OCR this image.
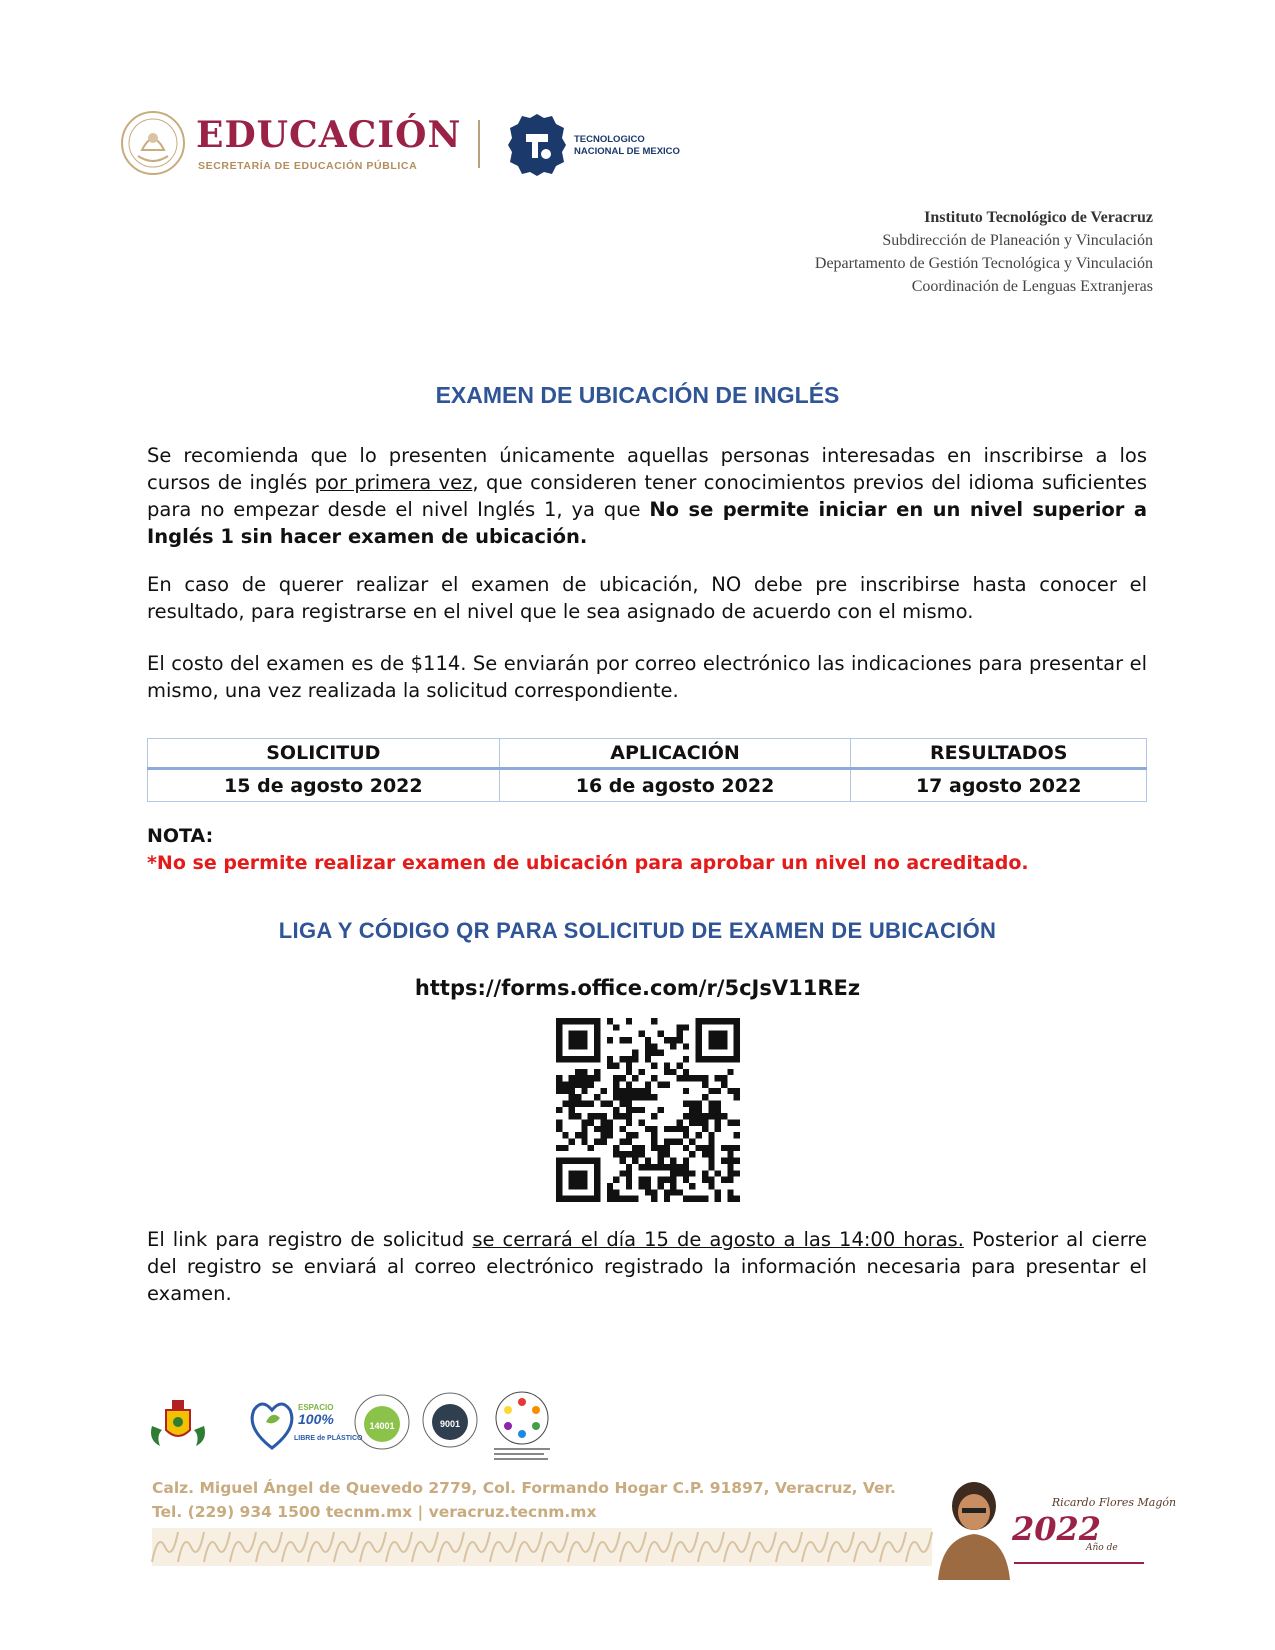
EDUCACIÓN
SECRETARÍA DE EDUCACIÓN PÚBLICA
TECNOLOGICO
NACIONAL DE MEXICO
Instituto Tecnológico de Veracruz
Subdirección de Planeación y Vinculación
Departamento de Gestión Tecnológica y Vinculación
Coordinación de Lenguas Extranjeras
EXAMEN DE UBICACIÓN DE INGLÉS
Se recomienda que lo presenten únicamente aquellas personas interesadas en inscribirse a los cursos de inglés por primera vez, que consideren tener conocimientos previos del idioma suficientes para no empezar desde el nivel Inglés 1, ya que No se permite iniciar en un nivel superior a Inglés 1 sin hacer examen de ubicación.
En caso de querer realizar el examen de ubicación, NO debe pre inscribirse hasta conocer el resultado, para registrarse en el nivel que le sea asignado de acuerdo con el mismo.
El costo del examen es de $114. Se enviarán por correo electrónico las indicaciones para presentar el mismo, una vez realizada la solicitud correspondiente.
SOLICITUD	APLICACIÓN	RESULTADOS
15 de agosto 2022	16 de agosto 2022	17 agosto 2022
NOTA:
*No se permite realizar examen de ubicación para aprobar un nivel no acreditado.
LIGA Y CÓDIGO QR PARA SOLICITUD DE EXAMEN DE UBICACIÓN
https://forms.office.com/r/5cJsV11REz
El link para registro de solicitud se cerrará el día 15 de agosto a las 14:00 horas. Posterior al cierre del registro se enviará al correo electrónico registrado la información necesaria para presentar el examen.
ESPACIO
100%
LIBRE de PLÁSTICO
14001	9001
Calz. Miguel Ángel de Quevedo 2779, Col. Formando Hogar C.P. 91897, Veracruz, Ver.
Tel. (229) 934 1500 tecnm.mx | veracruz.tecnm.mx	2022
Ricardo Flores Magón
Año de
